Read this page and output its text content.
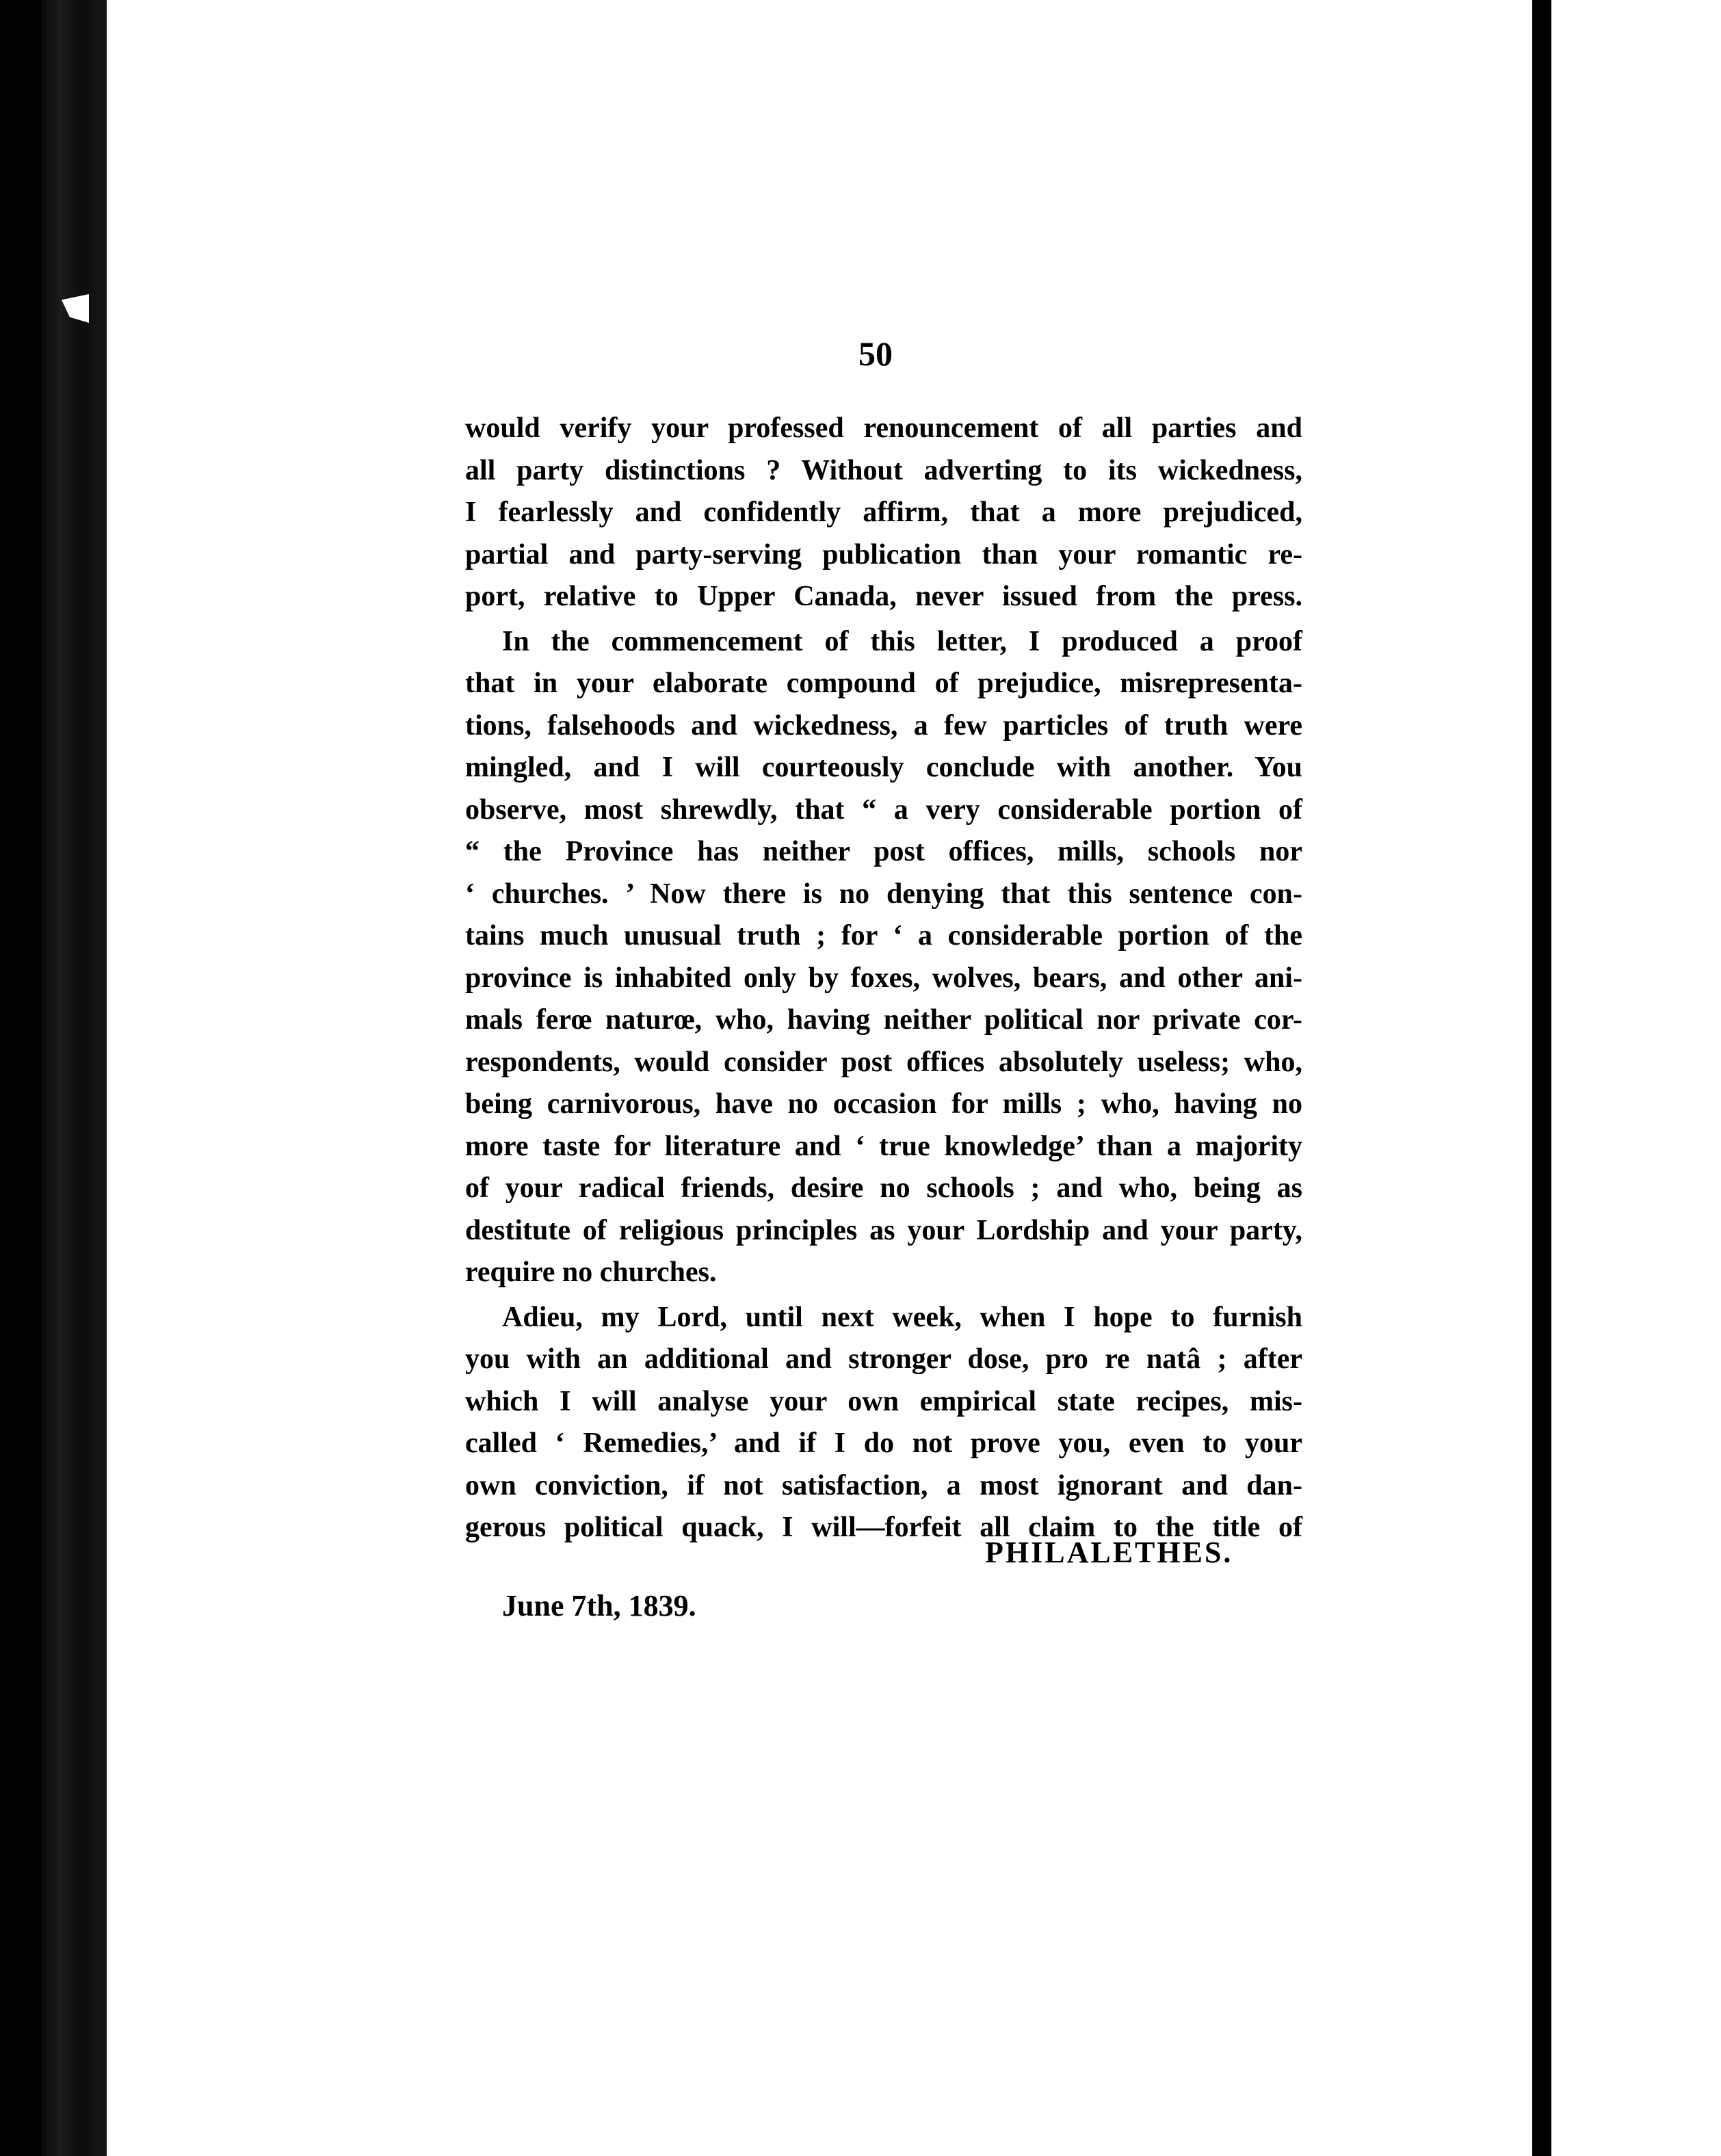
50
would verify your professed renouncement of all parties and
all party distinctions ? Without adverting to its wickedness,
I fearlessly and confidently affirm, that a more prejudiced,
partial and party-serving publication than your romantic re-
port, relative to Upper Canada, never issued from the press.
In the commencement of this letter, I produced a proof
that in your elaborate compound of prejudice, misrepresenta-
tions, falsehoods and wickedness, a few particles of truth were
mingled, and I will courteously conclude with another. You
observe, most shrewdly, that “ a very considerable portion of
“ the Province has neither post offices, mills, schools nor
‘ churches. ’ Now there is no denying that this sentence con-
tains much unusual truth ; for ‘ a considerable portion of the
province is inhabited only by foxes, wolves, bears, and other ani-
mals ferœ naturœ, who, having neither political nor private cor-
respondents, would consider post offices absolutely useless; who,
being carnivorous, have no occasion for mills ; who, having no
more taste for literature and ‘ true knowledge’ than a majority
of your radical friends, desire no schools ; and who, being as
destitute of religious principles as your Lordship and your party,
require no churches.
Adieu, my Lord, until next week, when I hope to furnish
you with an additional and stronger dose, pro re natâ ; after
which I will analyse your own empirical state recipes, mis-
called ‘ Remedies,’ and if I do not prove you, even to your
own conviction, if not satisfaction, a most ignorant and dan-
gerous political quack, I will—forfeit all claim to the title of
PHILALETHES.
June 7th, 1839.
